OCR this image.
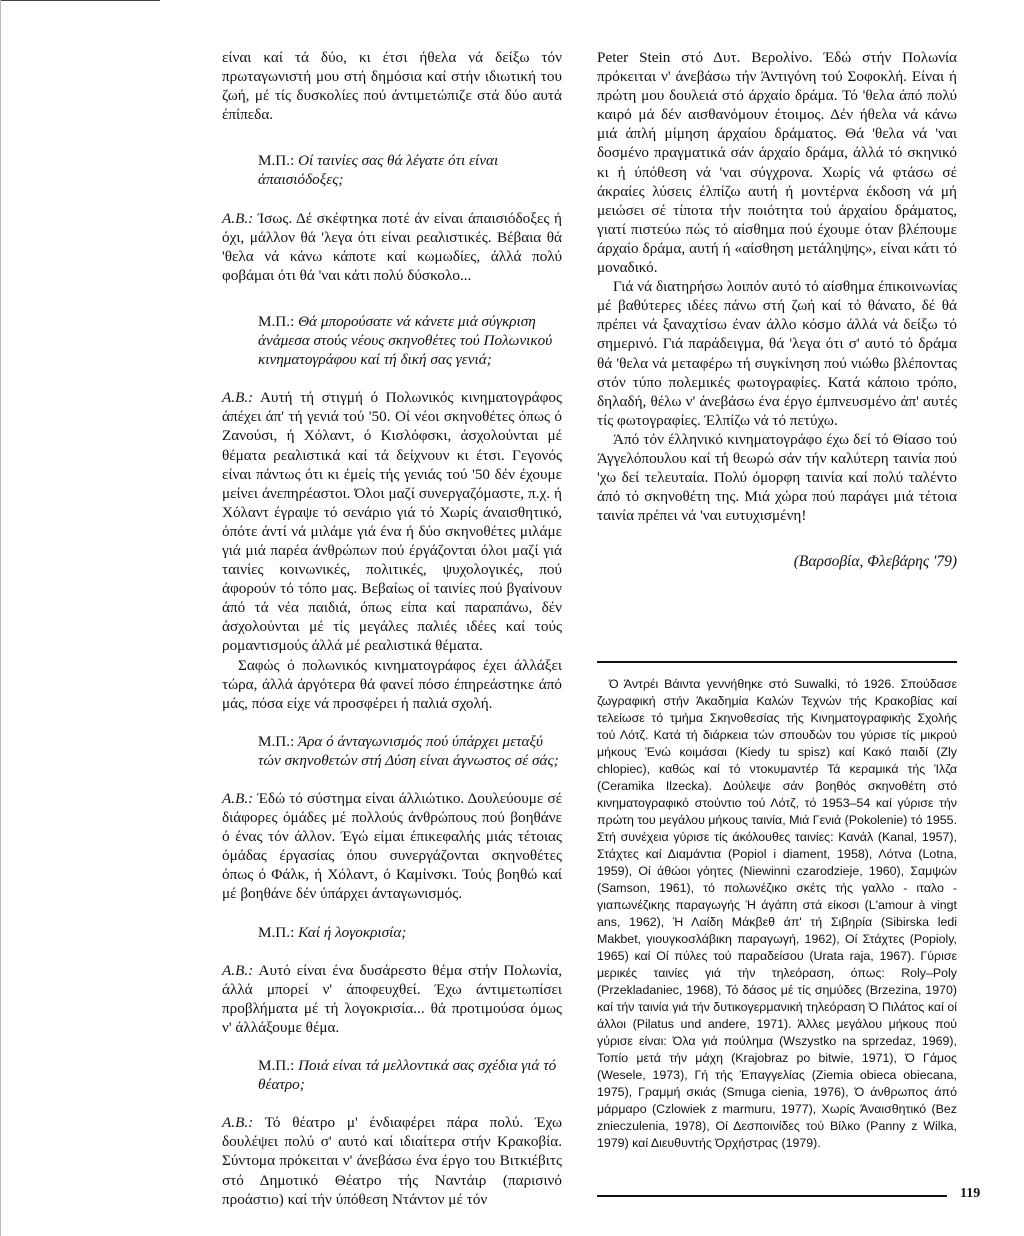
είναι καί τά δύο, κι έτσι ήθελα νά δείξω τόν πρωταγωνιστή μου στή δημόσια καί στήν ιδιωτική του ζωή, μέ τίς δυσκολίες πού άντιμετώπιζε στά δύο αυτά έπίπεδα.

Μ.Π.: Οί ταινίες σας θά λέγατε ότι είναι άπαισιόδοξες;

Α.Β.: Ίσως. Δέ σκέφτηκα ποτέ άν είναι άπαισιόδοξες ή όχι, μάλλον θά 'λεγα ότι είναι ρεαλιστικές. Βέβαια θά 'θελα νά κάνω κάποτε καί κωμωδίες, άλλά πολύ φοβάμαι ότι θά 'ναι κάτι πολύ δύσκολο...

Μ.Π.: Θά μπορούσατε νά κάνετε μιά σύγκριση άνάμεσα στούς νέους σκηνοθέτες τού Πολωνικού κινηματογράφου καί τή δική σας γενιά;

Α.Β.: Αυτή τή στιγμή ό Πολωνικός κινηματογράφος άπέχει άπ' τή γενιά τού '50. Οί νέοι σκηνοθέτες όπως ό Ζανούσι, ή Χόλαντ, ό Κισλόφσκι, άσχολούνται μέ θέματα ρεαλιστικά καί τά δείχνουν κι έτσι. Γεγονός είναι πάντως ότι κι έμείς τής γενιάς τού '50 δέν έχουμε μείνει άνεπηρέαστοι. Όλοι μαζί συνεργαζόμαστε, π.χ. ή Χόλαντ έγραψε τό σενάριο γιά τό Χωρίς άναισθητικό, όπότε άντί νά μιλάμε γιά ένα ή δύο σκηνοθέτες μιλάμε γιά μιά παρέα άνθρώπων πού έργάζονται όλοι μαζί γιά ταινίες κοινωνικές, πολιτικές, ψυχολογικές, πού άφορούν τό τόπο μας. Βεβαίως οί ταινίες πού βγαίνουν άπό τά νέα παιδιά, όπως είπα καί παραπάνω, δέν άσχολούνται μέ τίς μεγάλες παλιές ιδέες καί τούς ρομαντισμούς άλλά μέ ρεαλιστικά θέματα.

Σαφώς ό πολωνικός κινηματογράφος έχει άλλάξει τώρα, άλλά άργότερα θά φανεί πόσο έπηρεάστηκε άπό μάς, πόσα είχε νά προσφέρει ή παλιά σχολή.

Μ.Π.: Άρα ό άνταγωνισμός πού ύπάρχει μεταξύ τών σκηνοθετών στή Δύση είναι άγνωστος σέ σάς;

Α.Β.: Έδώ τό σύστημα είναι άλλιώτικο. Δουλεύουμε σέ διάφορες όμάδες μέ πολλούς άνθρώπους πού βοηθάνε ό ένας τόν άλλον. Έγώ είμαι έπικεφαλής μιάς τέτοιας όμάδας έργασίας όπου συνεργάζονται σκηνοθέτες όπως ό Φάλκ, ή Χόλαντ, ό Καμίνσκι. Τούς βοηθώ καί μέ βοηθάνε δέν ύπάρχει άνταγωνισμός.

Μ.Π.: Καί ή λογοκρισία;

Α.Β.: Αυτό είναι ένα δυσάρεστο θέμα στήν Πολωνία, άλλά μπορεί ν' άποφευχθεί. Έχω άντιμετωπίσει προβλήματα μέ τή λογοκρισία... θά προτιμούσα όμως ν' άλλάξουμε θέμα.

Μ.Π.: Ποιά είναι τά μελλοντικά σας σχέδια γιά τό θέατρο;

Α.Β.: Τό θέατρο μ' ένδιαφέρει πάρα πολύ. Έχω δουλέψει πολύ σ' αυτό καί ιδιαίτερα στήν Κρακοβία. Σύντομα πρόκειται ν' άνεβάσω ένα έργο του Βιτκιέβιτς στό Δημοτικό Θέατρο τής Ναντάιρ (παρισινό προάστιο) καί τήν ύπόθεση Ντάντον μέ τόν

Peter Stein στό Δυτ. Βερολίνο. Έδώ στήν Πολωνία πρόκειται ν' άνεβάσω τήν Άντιγόνη τού Σοφοκλή. Είναι ή πρώτη μου δουλειά στό άρχαίο δράμα. Τό 'θελα άπό πολύ καιρό μά δέν αισθανόμουν έτοιμος. Δέν ήθελα νά κάνω μιά άπλή μίμηση άρχαίου δράματος. Θά 'θελα νά 'ναι δοσμένο πραγματικά σάν άρχαίο δράμα, άλλά τό σκηνικό κι ή ύπόθεση νά 'ναι σύγχρονα. Χωρίς νά φτάσω σέ άκραίες λύσεις έλπίζω αυτή ή μοντέρνα έκδοση νά μή μειώσει σέ τίποτα τήν ποιότητα τού άρχαίου δράματος, γιατί πιστεύω πώς τό αίσθημα πού έχουμε όταν βλέπουμε άρχαίο δράμα, αυτή ή «αίσθηση μετάληψης», είναι κάτι τό μοναδικό.

Γιά νά διατηρήσω λοιπόν αυτό τό αίσθημα έπικοινωνίας μέ βαθύτερες ιδέες πάνω στή ζωή καί τό θάνατο, δέ θά πρέπει νά ξαναχτίσω έναν άλλο κόσμο άλλά νά δείξω τό σημερινό. Γιά παράδειγμα, θά 'λεγα ότι σ' αυτό τό δράμα θά 'θελα νά μεταφέρω τή συγκίνηση πού νιώθω βλέποντας στόν τύπο πολεμικές φωτογραφίες. Κατά κάποιο τρόπο, δηλαδή, θέλω ν' άνεβάσω ένα έργο έμπνευσμένο άπ' αυτές τίς φωτογραφίες. Έλπίζω νά τό πετύχω.

Άπό τόν έλληνικό κινηματογράφο έχω δεί τό Θίασο τού Άγγελόπουλου καί τή θεωρώ σάν τήν καλύτερη ταινία πού 'χω δεί τελευταία. Πολύ όμορφη ταινία καί πολύ ταλέντο άπό τό σκηνοθέτη της. Μιά χώρα πού παράγει μιά τέτοια ταινία πρέπει νά 'ναι ευτυχισμένη!

(Βαρσοβία, Φλεβάρης '79)

Ό Άντρέι Βάιντα γεννήθηκε στό Suwalki, τό 1926. Σπούδασε ζωγραφική στήν Άκαδημία Καλών Τεχνών τής Κρακοβίας καί τελείωσε τό τμήμα Σκηνοθεσίας τής Κινηματογραφικής Σχολής τού Λότζ. Κατά τή διάρκεια τών σπουδών του γύρισε τίς μικρού μήκους Ένώ κοιμάσαι (Kiedy tu spisz) καί Κακό παιδί (Zly chlopiec), καθώς καί τό ντοκυμαντέρ Τά κεραμικά τής Ίλζα (Ceramika Ilzecka). Δούλεψε σάν βοηθός σκηνοθέτη στό κινηματογραφικό στούντιο τού Λότζ, τό 1953–54 καί γύρισε τήν πρώτη του μεγάλου μήκους ταινία, Μιά Γενιά (Pokolenie) τό 1955. Στή συνέχεια γύρισε τίς άκόλουθες ταινίες: Κανάλ (Kanal, 1957), Στάχτες καί Διαμάντια (Popiol i diament, 1958), Λότνα (Lotna, 1959), Οί άθώοι γόητες (Niewinni czarodzieje, 1960), Σαμψών (Samson, 1961), τό πολωνέζικο σκέτς τής γαλλο - ιταλο - γιαπωνέζικης παραγωγής Ή άγάπη στά είκοσι (L'amour à vingt ans, 1962), Ή Λαίδη Μάκβεθ άπ' τή Σιβηρία (Sibirska ledi Makbet, γιουγκοσλάβικη παραγωγή, 1962), Οί Στάχτες (Popioly, 1965) καί Οί πύλες τού παραδείσου (Urata raja, 1967). Γύρισε μερικές ταινίες γιά τήν τηλεόραση, όπως: Roly–Poly (Przekladaniec, 1968), Τό δάσος μέ τίς σημύδες (Brzezina, 1970) καί τήν ταινία γιά τήν δυτικογερμανική τηλεόραση Ό Πιλάτος καί οί άλλοι (Pilatus und andere, 1971). Άλλες μεγάλου μήκους πού γύρισε είναι: Όλα γιά πούλημα (Wszystko na sprzedaz, 1969), Τοπίο μετά τήν μάχη (Krajobraz po bitwie, 1971), Ό Γάμος (Wesele, 1973), Γή τής Έπαγγελίας (Ziemia obieca obiecana, 1975), Γραμμή σκιάς (Smuga cienia, 1976), Ό άνθρωπος άπό μάρμαρο (Czlowiek z marmuru, 1977), Χωρίς Άναισθητικό (Bez znieczulenia, 1978), Οί Δεσποινίδες τού Βίλκο (Panny z Wilka, 1979) καί Διευθυντής Όρχήστρας (1979).

119
